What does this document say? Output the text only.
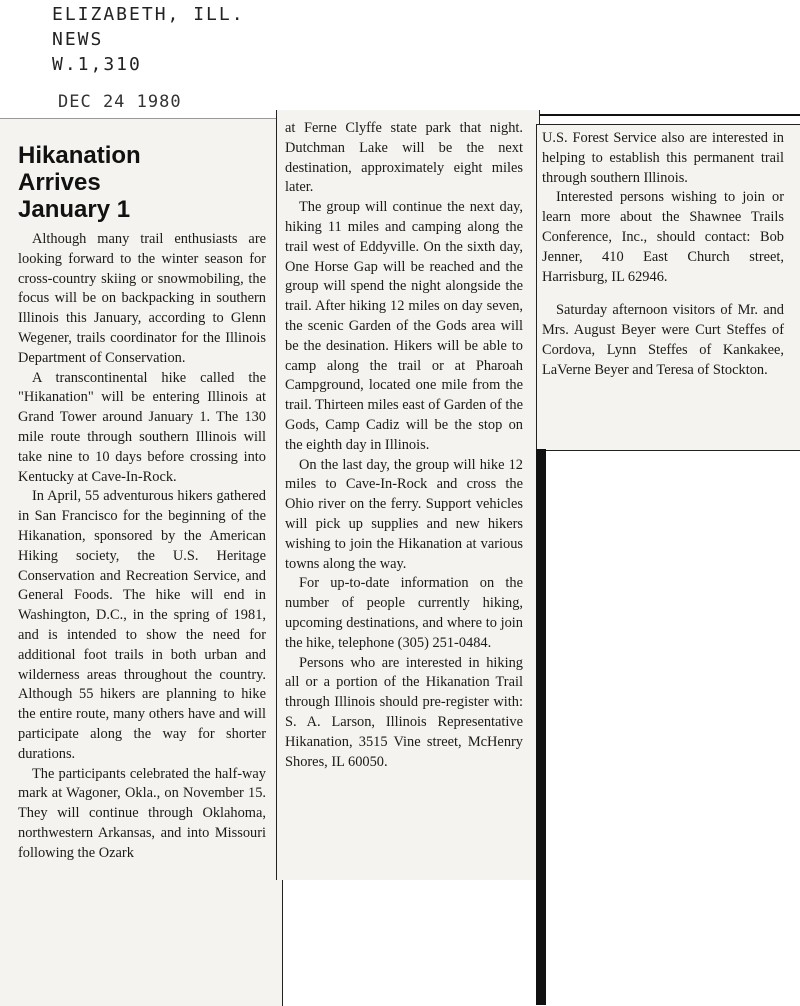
ELIZABETH, ILL.
NEWS
W.1,310
DEC 24 1980
Hikanation
Arrives
January 1

Although many trail enthusiasts are looking forward to the winter season for cross-country skiing or snowmobiling, the focus will be on backpacking in southern Illinois this January, according to Glenn Wegener, trails coordinator for the Illinois Department of Conservation.

A transcontinental hike called the "Hikanation" will be entering Illinois at Grand Tower around January 1. The 130 mile route through southern Illinois will take nine to 10 days before crossing into Kentucky at Cave-In-Rock.

In April, 55 adventurous hikers gathered in San Francisco for the beginning of the Hikanation, sponsored by the American Hiking society, the U.S. Heritage Conservation and Recreation Service, and General Foods. The hike will end in Washington, D.C., in the spring of 1981, and is intended to show the need for additional foot trails in both urban and wilderness areas throughout the country. Although 55 hikers are planning to hike the entire route, many others have and will participate along the way for shorter durations.

The participants celebrated the half-way mark at Wagoner, Okla., on November 15. They will continue through Oklahoma, northwestern Arkansas, and into Missouri following the Ozark

at Ferne Clyffe state park that night. Dutchman Lake will be the next destination, approximately eight miles later.

The group will continue the next day, hiking 11 miles and camping along the trail west of Eddyville. On the sixth day, One Horse Gap will be reached and the group will spend the night alongside the trail. After hiking 12 miles on day seven, the scenic Garden of the Gods area will be the desination. Hikers will be able to camp along the trail or at Pharoah Campground, located one mile from the trail. Thirteen miles east of Garden of the Gods, Camp Cadiz will be the stop on the eighth day in Illinois.

On the last day, the group will hike 12 miles to Cave-In-Rock and cross the Ohio river on the ferry. Support vehicles will pick up supplies and new hikers wishing to join the Hikanation at various towns along the way.

For up-to-date information on the number of people currently hiking, upcoming destinations, and where to join the hike, telephone (305) 251-0484.

Persons who are interested in hiking all or a portion of the Hikanation Trail through Illinois should pre-register with: S. A. Larson, Illinois Representative Hikanation, 3515 Vine street, McHenry Shores, IL 60050.

U.S. Forest Service also are interested in helping to establish this permanent trail through southern Illinois.

Interested persons wishing to join or learn more about the Shawnee Trails Conference, Inc., should contact: Bob Jenner, 410 East Church street, Harrisburg, IL 62946.

Saturday afternoon visitors of Mr. and Mrs. August Beyer were Curt Steffes of Cordova, Lynn Steffes of Kankakee, LaVerne Beyer and Teresa of Stockton.
